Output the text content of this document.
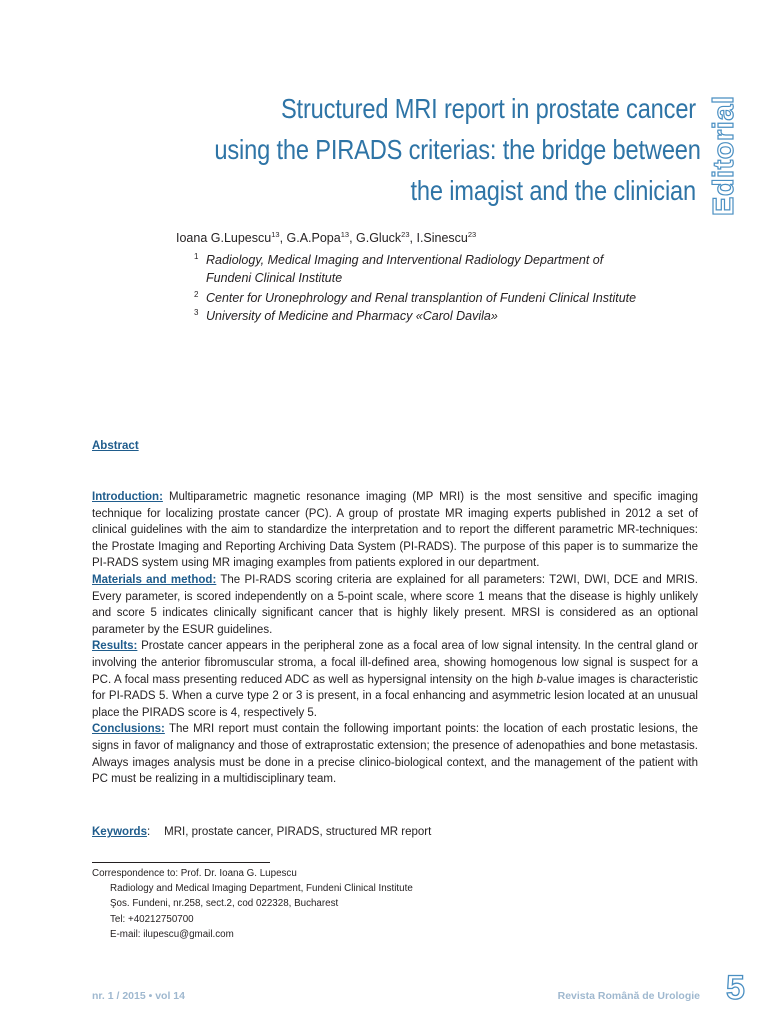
Structured MRI report in prostate cancer
using the PIRADS criterias: the bridge between
the imagist and the clinician Editorial
Ioana G.Lupescu$^{13}$, G.A.Popa$^{13}$, G.Gluck$^{23}$, I.Sinescu$^{23}$
1 Radiology, Medical Imaging and Interventional Radiology Department of
Fundeni Clinical Institute
2 Center for Uronephrology and Renal transplantion of Fundeni Clinical Institute
3 University of Medicine and Pharmacy «Carol Davila»
Abstract

Introduction: Multiparametric magnetic resonance imaging (MP MRI) is the most sensitive and specific imaging technique for localizing prostate cancer (PC). A group of prostate MR imaging experts published in 2012 a set of clinical guidelines with the aim to standardize the interpretation and to report the different parametric MR-techniques: the Prostate Imaging and Reporting Archiving Data System (PI-RADS). The purpose of this paper is to summarize the PI-RADS system using MR imaging examples from patients explored in our department.

Materials and method: The PI-RADS scoring criteria are explained for all parameters: T2WI, DWI, DCE and MRIS. Every parameter, is scored independently on a 5-point scale, where score 1 means that the disease is highly unlikely and score 5 indicates clinically significant cancer that is highly likely present. MRSI is considered as an optional parameter by the ESUR guidelines.

Results: Prostate cancer appears in the peripheral zone as a focal area of low signal intensity. In the central gland or involving the anterior fibromuscular stroma, a focal ill-defined area, showing homogenous low signal is suspect for a PC. A focal mass presenting reduced ADC as well as hypersignal intensity on the high b-value images is characteristic for PI-RADS 5. When a curve type 2 or 3 is present, in a focal enhancing and asymmetric lesion located at an unusual place the PIRADS score is 4, respectively 5.

Conclusions: The MRI report must contain the following important points: the location of each prostatic lesions, the signs in favor of malignancy and those of extraprostatic extension; the presence of adenopathies and bone metastasis. Always images analysis must be done in a precise clinico-biological context, and the management of the patient with PC must be realizing in a multidisciplinary team.

Keywords: MRI, prostate cancer, PIRADS, structured MR report
Correspondence to: Prof. Dr. Ioana G. Lupescu
Radiology and Medical Imaging Department, Fundeni Clinical Institute
Şos. Fundeni, nr.258, sect.2, cod 022328, Bucharest
Tel: +40212750700
E-mail: ilupescu@gmail.com
nr. 1 / 2015 • vol 14	Revista Română de Urologie 5
